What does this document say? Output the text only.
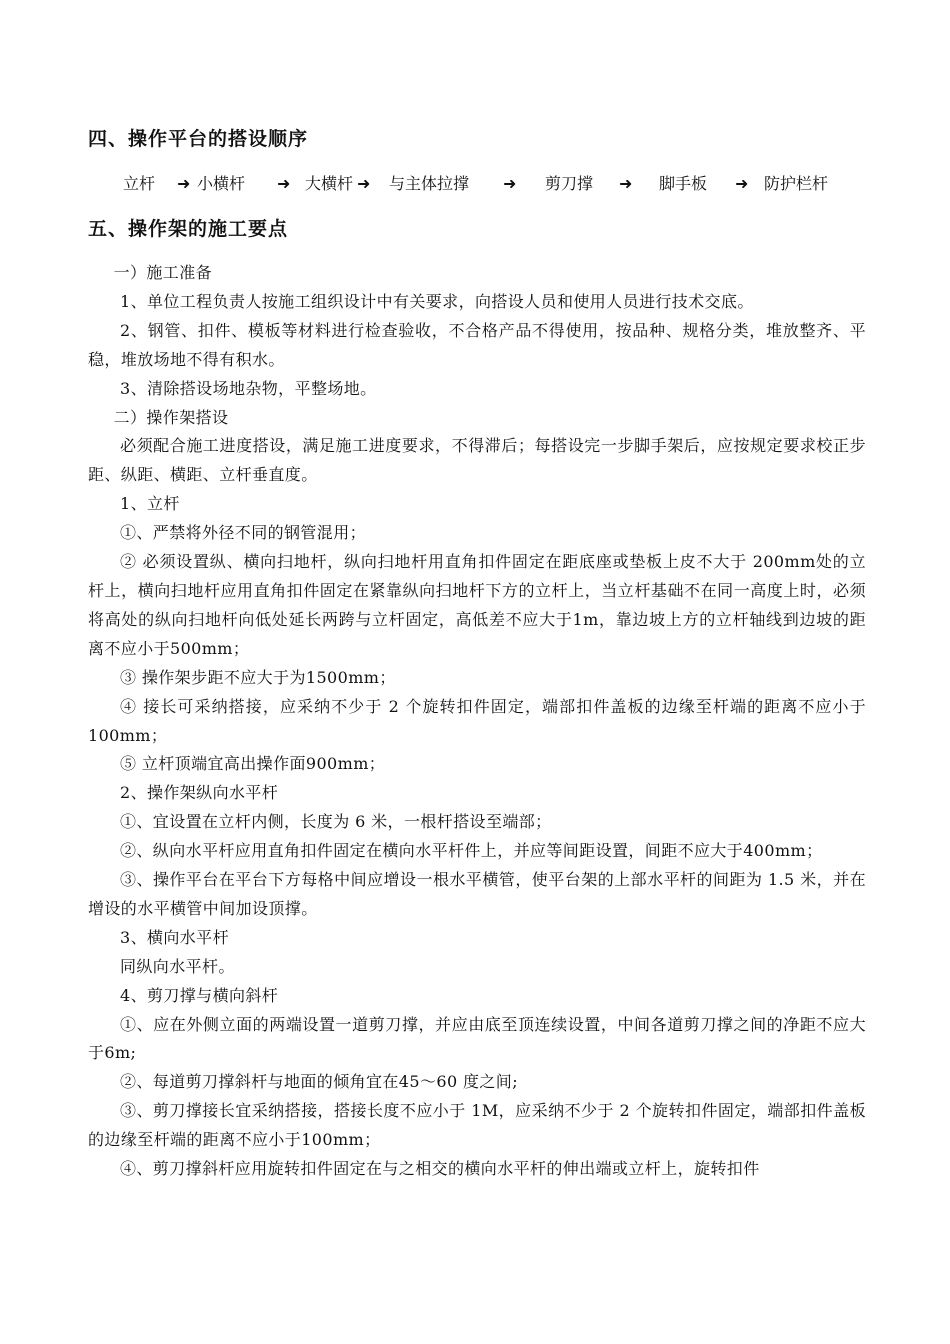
四、操作平台的搭设顺序
立杆 ➜ 小横杆 ➜ 大横杆 ➜ 与主体拉撑 ➜ 剪刀撑 ➜ 脚手板 ➜ 防护栏杆
五、操作架的施工要点

一）施工准备

1、单位工程负责人按施工组织设计中有关要求，向搭设人员和使用人员进行技术交底。

2、钢管、扣件、模板等材料进行检查验收，不合格产品不得使用，按品种、规格分类，堆放整齐、平稳，堆放场地不得有积水。

3、清除搭设场地杂物，平整场地。

二）操作架搭设

必须配合施工进度搭设，满足施工进度要求，不得滞后；每搭设完一步脚手架后，应按规定要求校正步距、纵距、横距、立杆垂直度。

1、立杆

①、严禁将外径不同的钢管混用；

② 必须设置纵、横向扫地杆，纵向扫地杆用直角扣件固定在距底座或垫板上皮不大于 200mm处的立杆上，横向扫地杆应用直角扣件固定在紧靠纵向扫地杆下方的立杆上，当立杆基础不在同一高度上时，必须将高处的纵向扫地杆向低处延长两跨与立杆固定，高低差不应大于1m，靠边坡上方的立杆轴线到边坡的距离不应小于500mm；

③ 操作架步距不应大于为1500mm；

④ 接长可采纳搭接，应采纳不少于 2 个旋转扣件固定，端部扣件盖板的边缘至杆端的距离不应小于100mm；

⑤ 立杆顶端宜高出操作面900mm；

2、操作架纵向水平杆

①、宜设置在立杆内侧，长度为 6 米，一根杆搭设至端部；

②、纵向水平杆应用直角扣件固定在横向水平杆件上，并应等间距设置，间距不应大于400mm；

③、操作平台在平台下方每格中间应增设一根水平横管，使平台架的上部水平杆的间距为 1.5 米，并在增设的水平横管中间加设顶撑。

3、横向水平杆

同纵向水平杆。

4、剪刀撑与横向斜杆

①、应在外侧立面的两端设置一道剪刀撑，并应由底至顶连续设置，中间各道剪刀撑之间的净距不应大于6m;

②、每道剪刀撑斜杆与地面的倾角宜在45～60 度之间;

③、剪刀撑接长宜采纳搭接，搭接长度不应小于 1M，应采纳不少于 2 个旋转扣件固定，端部扣件盖板的边缘至杆端的距离不应小于100mm；

④、剪刀撑斜杆应用旋转扣件固定在与之相交的横向水平杆的伸出端或立杆上，旋转扣件
